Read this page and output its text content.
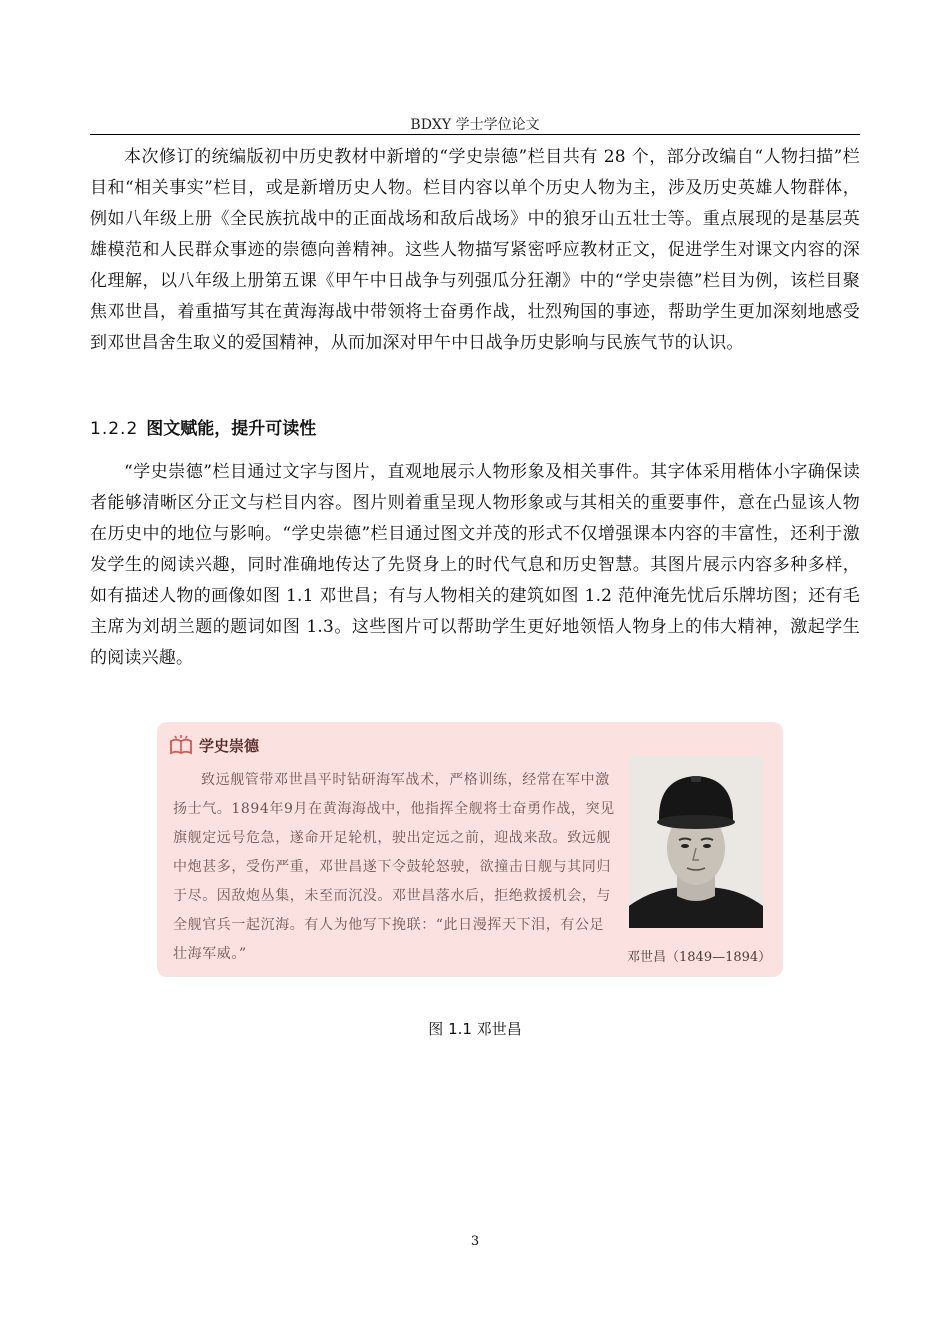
BDXY 学士学位论文

本次修订的统编版初中历史教材中新增的“学史崇德”栏目共有 28 个，部分改编自“人物扫描”栏目和“相关事实”栏目，或是新增历史人物。栏目内容以单个历史人物为主，涉及历史英雄人物群体，例如八年级上册《全民族抗战中的正面战场和敌后战场》中的狼牙山五壮士等。重点展现的是基层英雄模范和人民群众事迹的崇德向善精神。这些人物描写紧密呼应教材正文，促进学生对课文内容的深化理解，以八年级上册第五课《甲午中日战争与列强瓜分狂潮》中的“学史崇德”栏目为例，该栏目聚焦邓世昌，着重描写其在黄海海战中带领将士奋勇作战，壮烈殉国的事迹，帮助学生更加深刻地感受到邓世昌舍生取义的爱国精神，从而加深对甲午中日战争历史影响与民族气节的认识。

1.2.2 图文赋能，提升可读性

“学史崇德”栏目通过文字与图片，直观地展示人物形象及相关事件。其字体采用楷体小字确保读者能够清晰区分正文与栏目内容。图片则着重呈现人物形象或与其相关的重要事件，意在凸显该人物在历史中的地位与影响。“学史崇德”栏目通过图文并茂的形式不仅增强课本内容的丰富性，还利于激发学生的阅读兴趣，同时准确地传达了先贤身上的时代气息和历史智慧。其图片展示内容多种多样，如有描述人物的画像如图 1.1 邓世昌；有与人物相关的建筑如图 1.2 范仲淹先忧后乐牌坊图；还有毛主席为刘胡兰题的题词如图 1.3。这些图片可以帮助学生更好地领悟人物身上的伟大精神，激起学生的阅读兴趣。

学史崇德

致远舰管带邓世昌平时钻研海军战术，严格训练，经常在军中激扬士气。1894年9月在黄海海战中，他指挥全舰将士奋勇作战，突见旗舰定远号危急，遂命开足轮机，驶出定远之前，迎战来敌。致远舰中炮甚多，受伤严重，邓世昌遂下令鼓轮怒驶，欲撞击日舰与其同归于尽。因敌炮丛集，未至而沉没。邓世昌落水后，拒绝救援机会，与全舰官兵一起沉海。有人为他写下挽联：“此日漫挥天下泪，有公足壮海军威。”	邓世昌（1849—1894）
图 1.1 邓世昌
3
